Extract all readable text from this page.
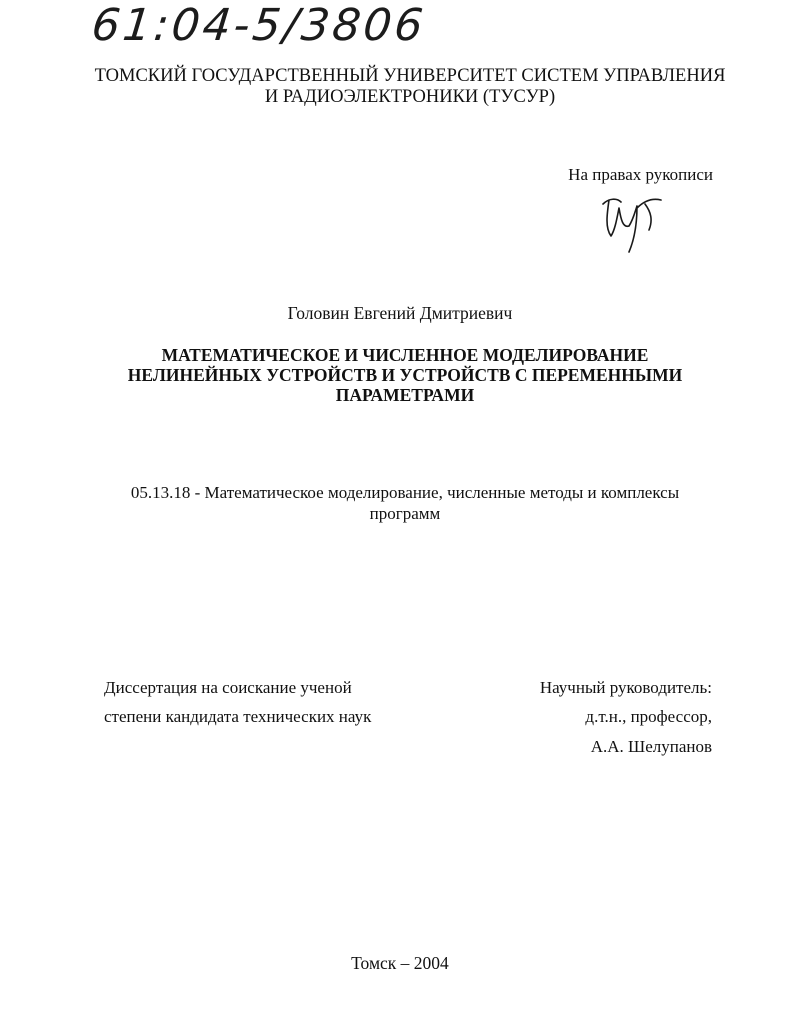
61:04-5/3806
ТОМСКИЙ ГОСУДАРСТВЕННЫЙ УНИВЕРСИТЕТ СИСТЕМ УПРАВЛЕНИЯ
И РАДИОЭЛЕКТРОНИКИ (ТУСУР)
На правах рукописи
Головин Евгений Дмитриевич
МАТЕМАТИЧЕСКОЕ И ЧИСЛЕННОЕ МОДЕЛИРОВАНИЕ
НЕЛИНЕЙНЫХ УСТРОЙСТВ И УСТРОЙСТВ С ПЕРЕМЕННЫМИ
ПАРАМЕТРАМИ
05.13.18 - Математическое моделирование, численные методы и комплексы
программ
Диссертация на соискание ученой
степени кандидата технических наук
Научный руководитель:
д.т.н., профессор,
А.А. Шелупанов
Томск – 2004
